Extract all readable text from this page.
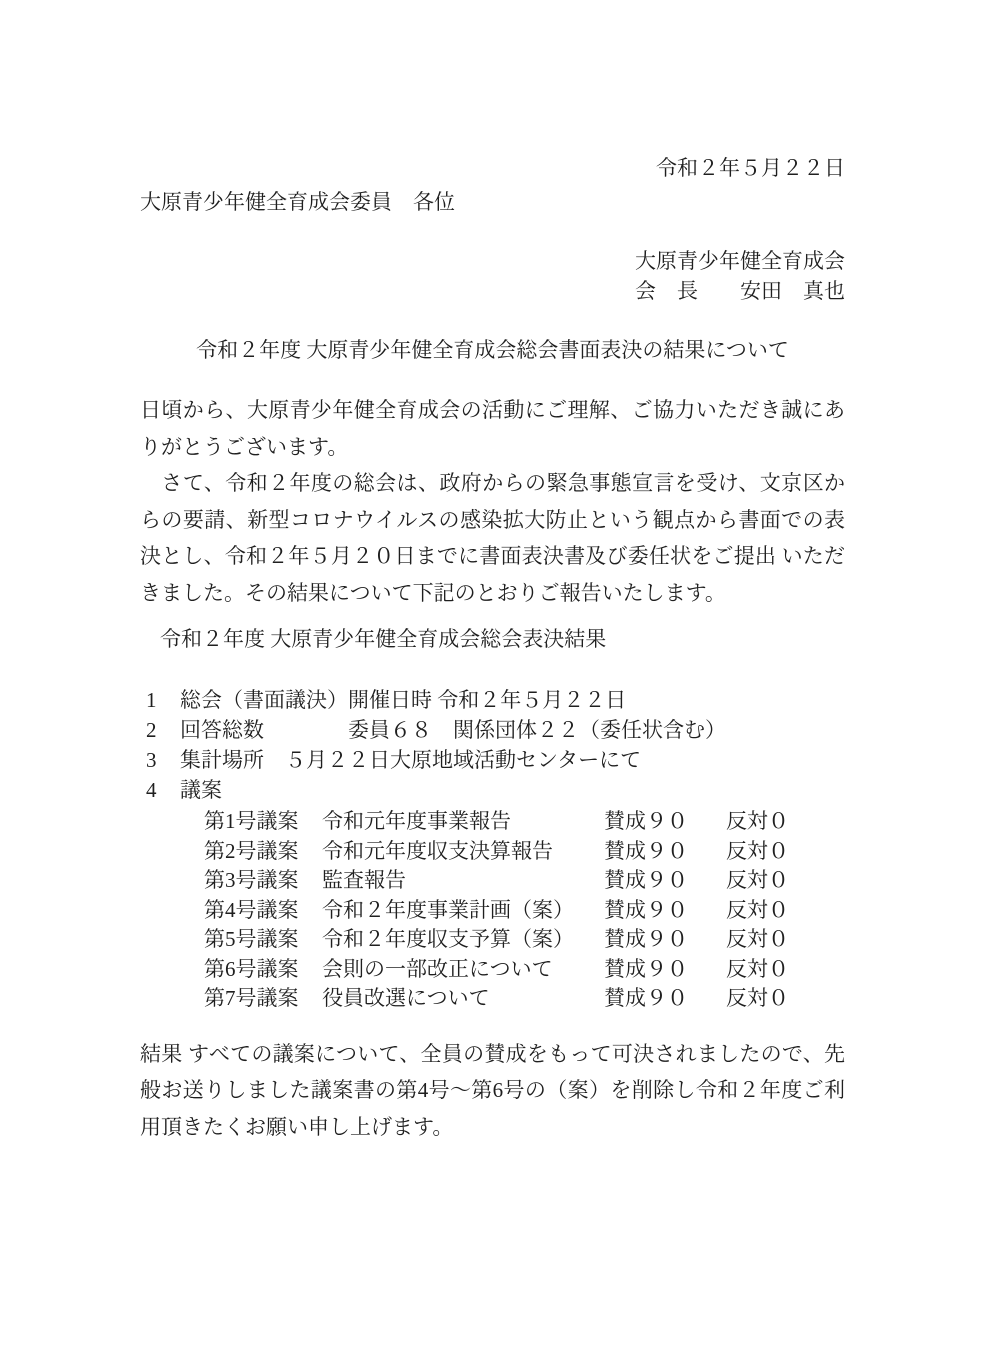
令和２年５月２２日
大原青少年健全育成会委員　各位
大原青少年健全育成会
会　長　　安田　真也
令和２年度 大原青少年健全育成会総会書面表決の結果について
日頃から、大原青少年健全育成会の活動にご理解、ご協力いただき誠にありがとうございます。
　さて、令和２年度の総会は、政府からの緊急事態宣言を受け、文京区からの要請、新型コロナウイルスの感染拡大防止という観点から書面での表決とし、令和２年５月２０日までに書面表決書及び委任状をご提出 いただきました。その結果について下記のとおりご報告いたします。
令和２年度 大原青少年健全育成会総会表決結果
1	総会（書面議決）開催日時 令和２年５月２２日
2	回答総数　　　　委員６８　関係団体２２（委任状含む）
3	集計場所　５月２２日大原地域活動センターにて
4	議案
第1号議案	令和元年度事業報告	賛成９０	反対０
第2号議案	令和元年度収支決算報告	賛成９０	反対０
第3号議案	監査報告	賛成９０	反対０
第4号議案	令和２年度事業計画（案）	賛成９０	反対０
第5号議案	令和２年度収支予算（案）	賛成９０	反対０
第6号議案	会則の一部改正について	賛成９０	反対０
第7号議案	役員改選について	賛成９０	反対０
結果 すべての議案について、全員の賛成をもって可決されましたので、先般お送りしました議案書の第4号～第6号の（案）を削除し令和２年度ご利用頂きたくお願い申し上げます。
